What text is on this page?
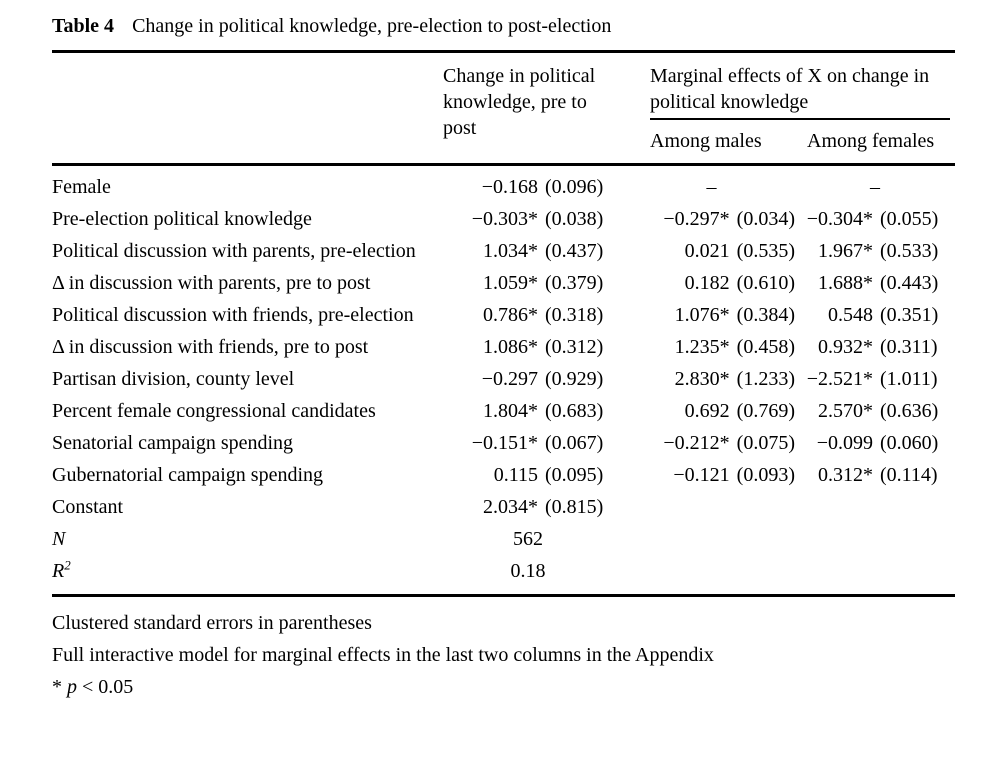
Table 4 Change in political knowledge, pre-election to post-election
Change in political knowledge, pre to post
Marginal effects of X on change in political knowledge
Among males	Among females
Female	−0.168 (0.096)	–	–
Pre-election political knowledge	−0.303* (0.038)	−0.297* (0.034) −0.304* (0.055)
Political discussion with parents, pre-election	1.034* (0.437)	0.021 (0.535)	1.967* (0.533)
Δ in discussion with parents, pre to post	1.059* (0.379)	0.182 (0.610)	1.688* (0.443)
Political discussion with friends, pre-election	0.786* (0.318)	1.076* (0.384)	0.548 (0.351)
Δ in discussion with friends, pre to post	1.086* (0.312)	1.235* (0.458)	0.932* (0.311)
Partisan division, county level	−0.297 (0.929)	2.830* (1.233) −2.521* (1.011)
Percent female congressional candidates	1.804* (0.683)	0.692 (0.769)	2.570* (0.636)
Senatorial campaign spending	−0.151* (0.067)	−0.212* (0.075)	−0.099 (0.060)
Gubernatorial campaign spending	0.115 (0.095)	−0.121 (0.093)	0.312* (0.114)
Constant	2.034* (0.815)
N	562
$R^2$	0.18
Clustered standard errors in parentheses
Full interactive model for marginal effects in the last two columns in the Appendix
* p < 0.05
